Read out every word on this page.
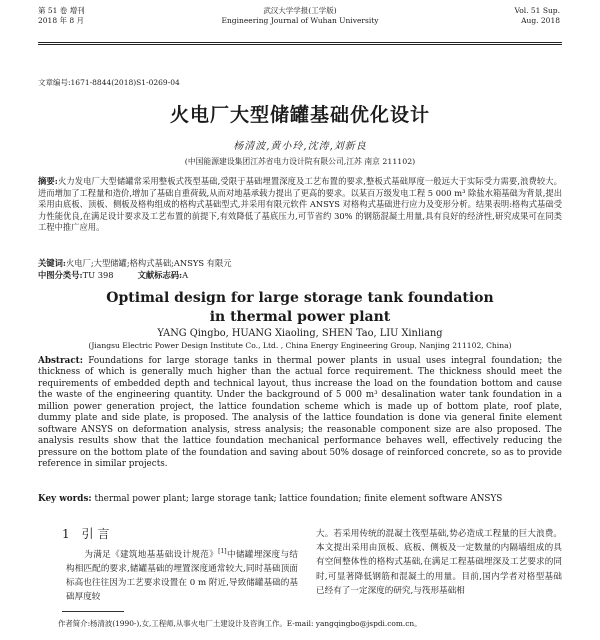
第 51 卷 增刊
2018 年 8 月
武汉大学学报(工学版)
Engineering Journal of Wuhan University
Vol. 51 Sup.
Aug. 2018
文章编号:1671-8844(2018)S1-0269-04
火电厂大型储罐基础优化设计
杨清波,黄小玲,沈涛,刘新良
(中国能源建设集团江苏省电力设计院有限公司,江苏 南京 211102)
摘要:火力发电厂大型储罐常采用整板式筏型基础,受限于基础埋置深度及工艺布置的要求,整板式基础厚度一般远大于实际受力需要,浪费较大。进而增加了工程量和造价,增加了基础自重荷载,从而对地基承载力提出了更高的要求。以某百万级发电工程 5 000 m³ 除盐水箱基础为背景,提出采用由底板、顶板、侧板及格构组成的格构式基础型式,并采用有限元软件 ANSYS 对格构式基础进行应力及变形分析。结果表明:格构式基础受力性能优良,在满足设计要求及工艺布置的前提下,有效降低了基底压力,可节省约 30% 的钢筋混凝土用量,具有良好的经济性,研究成果可在同类工程中推广应用。
关键词:火电厂;大型储罐;格构式基础;ANSYS 有限元
中图分类号:TU 398	文献标志码:A
Optimal design for large storage tank foundation
in thermal power plant
YANG Qingbo, HUANG Xiaoling, SHEN Tao, LIU Xinliang
(Jiangsu Electric Power Design Institute Co., Ltd. , China Energy Engineering Group, Nanjing 211102, China)
Abstract: Foundations for large storage tanks in thermal power plants in usual uses integral foundation; the thickness of which is generally much higher than the actual force requirement. The thickness should meet the requirements of embedded depth and technical layout, thus increase the load on the foundation bottom and cause the waste of the engineering quantity. Under the background of 5 000 m³ desalination water tank foundation in a million power generation project, the lattice foundation scheme which is made up of bottom plate, roof plate, dummy plate and side plate, is proposed. The analysis of the lattice foundation is done via general finite element software ANSYS on deformation analysis, stress analysis; the reasonable component size are also proposed. The analysis results show that the lattice foundation mechanical performance behaves well, effectively reducing the pressure on the bottom plate of the foundation and saving about 50% dosage of reinforced concrete, so as to provide reference in similar projects.
Key words: thermal power plant; large storage tank; lattice foundation; finite element software ANSYS
1 引言
为满足《建筑地基基础设计规范》[1]中储罐埋深度与结构相匹配的要求,储罐基础的埋置深度通常较大,同时基础顶面标高也往往因为工艺要求设置在 0 m 附近,导致储罐基础的基础厚度较
大。若采用传统的混凝土筏型基础,势必造成工程量的巨大浪费。本文提出采用由顶板、底板、侧板及一定数量的内隔墙组成的具有空间整体性的格构式基础,在满足工程基础埋深及工艺要求的同时,可显著降低钢筋和混凝土的用量。目前,国内学者对格型基础已经有了一定深度的研究,与筏形基础相
作者简介:杨清波(1990-),女,工程师,从事火电厂土建设计及咨询工作。E-mail: yangqingbo@jspdi.com.cn。
